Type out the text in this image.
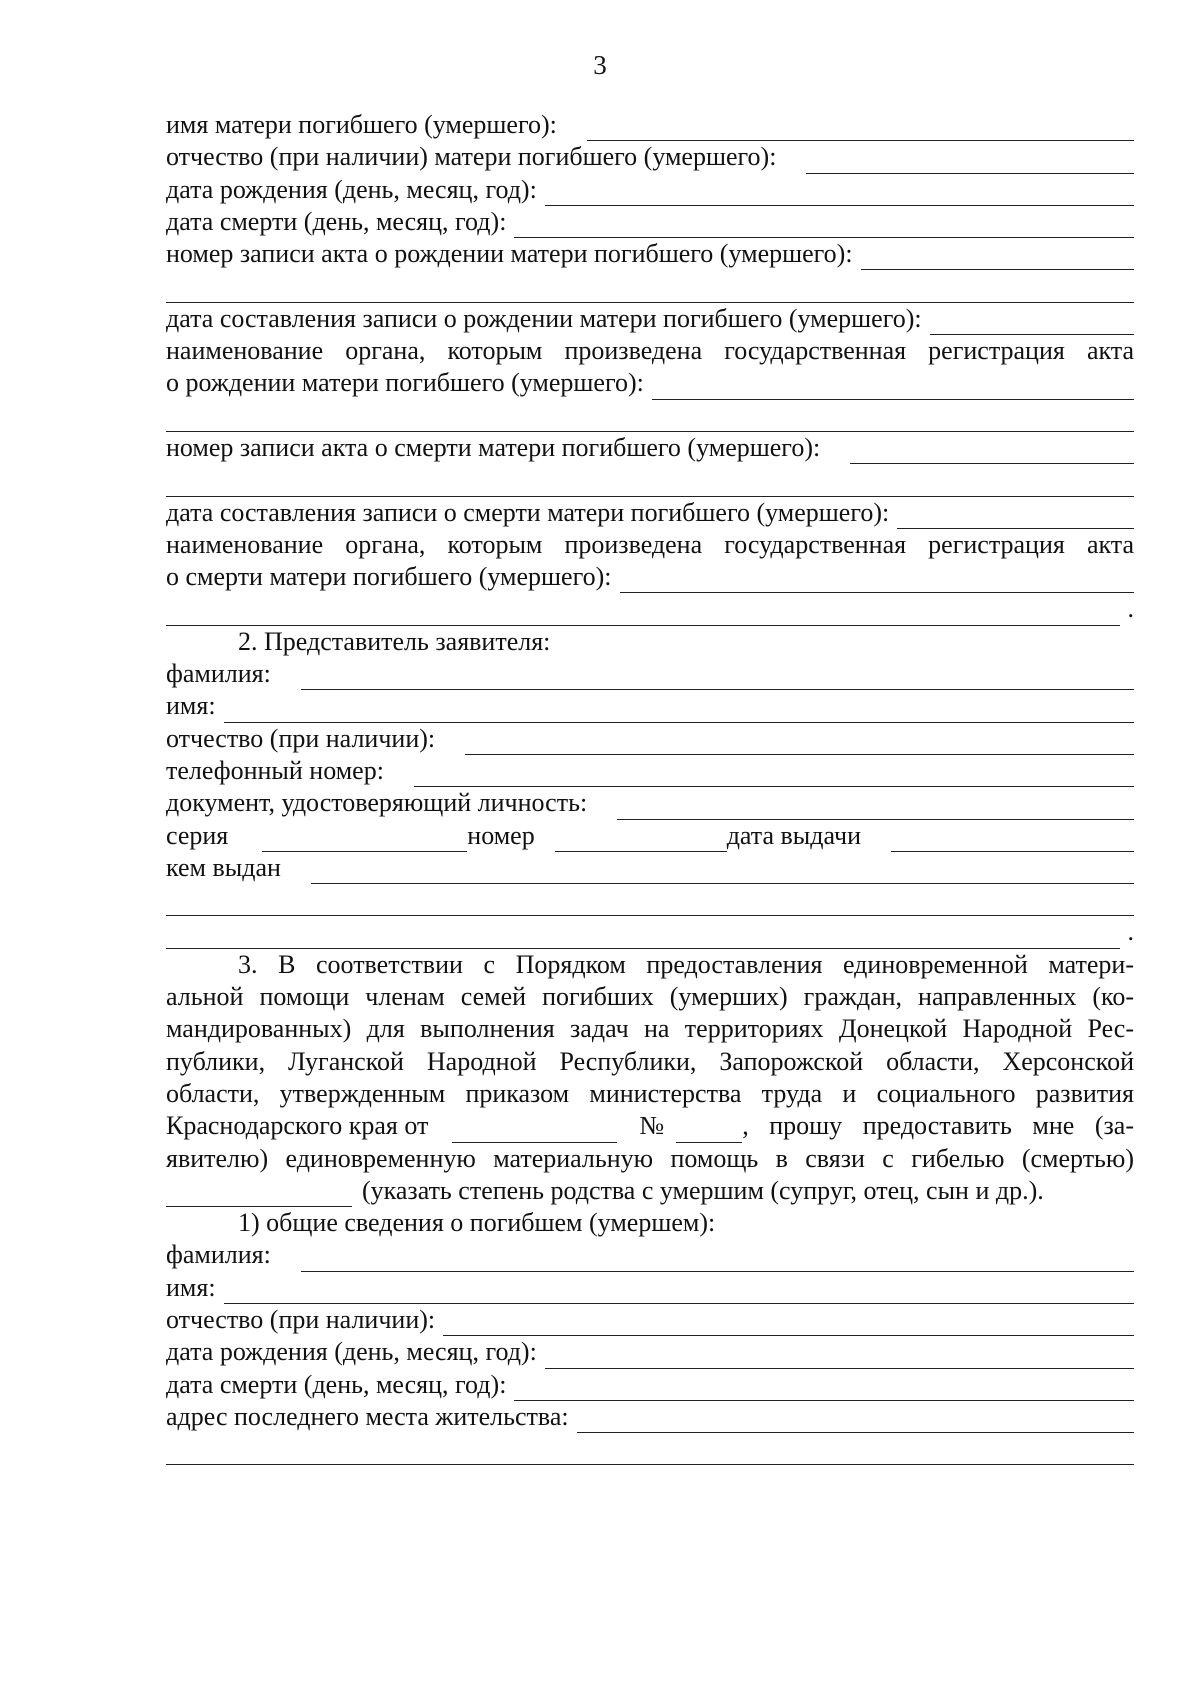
3
имя матери погибшего (умершего):
отчество (при наличии) матери погибшего (умершего):
дата рождения (день, месяц, год):
дата смерти (день, месяц, год):
номер записи акта о рождении матери погибшего (умершего):
дата составления записи о рождении матери погибшего (умершего):
наименование органа, которым произведена государственная регистрация акта
о рождении матери погибшего (умершего):
номер записи акта о смерти матери погибшего (умершего):
дата составления записи о смерти матери погибшего (умершего):
наименование органа, которым произведена государственная регистрация акта
о смерти матери погибшего (умершего):
.
2. Представитель заявителя:
фамилия:
имя:
отчество (при наличии):
телефонный номер:
документ, удостоверяющий личность:
серия	номер	дата выдачи
кем выдан
.
3. В соответствии с Порядком предоставления единовременной матери-
альной помощи членам семей погибших (умерших) граждан, направленных (ко-
мандированных) для выполнения задач на территориях Донецкой Народной Рес-
публики, Луганской Народной Республики, Запорожской области, Херсонской
области, утвержденным приказом министерства труда и социального развития
Краснодарского края от	№	, прошу предоставить мне (за-
явителю) единовременную материальную помощь в связи с гибелью (смертью)
(указать степень родства с умершим (супруг, отец, сын и др.).
1) общие сведения о погибшем (умершем):
фамилия:
имя:
отчество (при наличии):
дата рождения (день, месяц, год):
дата смерти (день, месяц, год):
адрес последнего места жительства:
